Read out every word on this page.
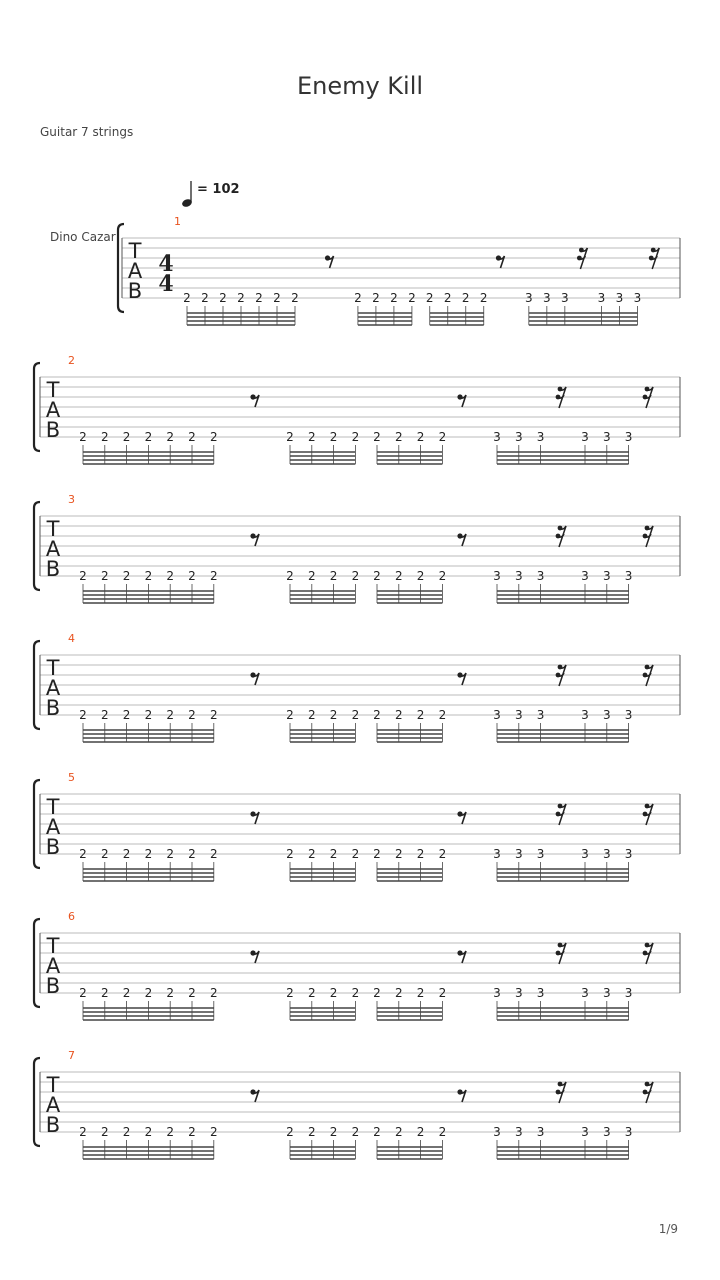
Enemy Kill
Guitar 7 strings
1/9
T
A
B
1
2 2 2 2 2 2 2	2 2 2 2 2 2 2 2	3 3 3 3 3 3
4
4
Dino Cazar
= 102
T
A
B
2
2 2 2 2 2 2 2	2 2 2 2 2 2 2 2	3 3 3	3 3 3
T
A
B
3
2 2 2 2 2 2 2	2 2 2 2 2 2 2 2	3 3 3	3 3 3
T
A
B
4
2 2 2 2 2 2 2	2 2 2 2 2 2 2 2	3 3 3	3 3 3
T
A
B
5
2 2 2 2 2 2 2	2 2 2 2 2 2 2 2	3 3 3	3 3 3
T
A
B
6
2 2 2 2 2 2 2	2 2 2 2 2 2 2 2	3 3 3	3 3 3
T
A
B
7
2 2 2 2 2 2 2	2 2 2 2 2 2 2 2	3 3 3	3 3 3
